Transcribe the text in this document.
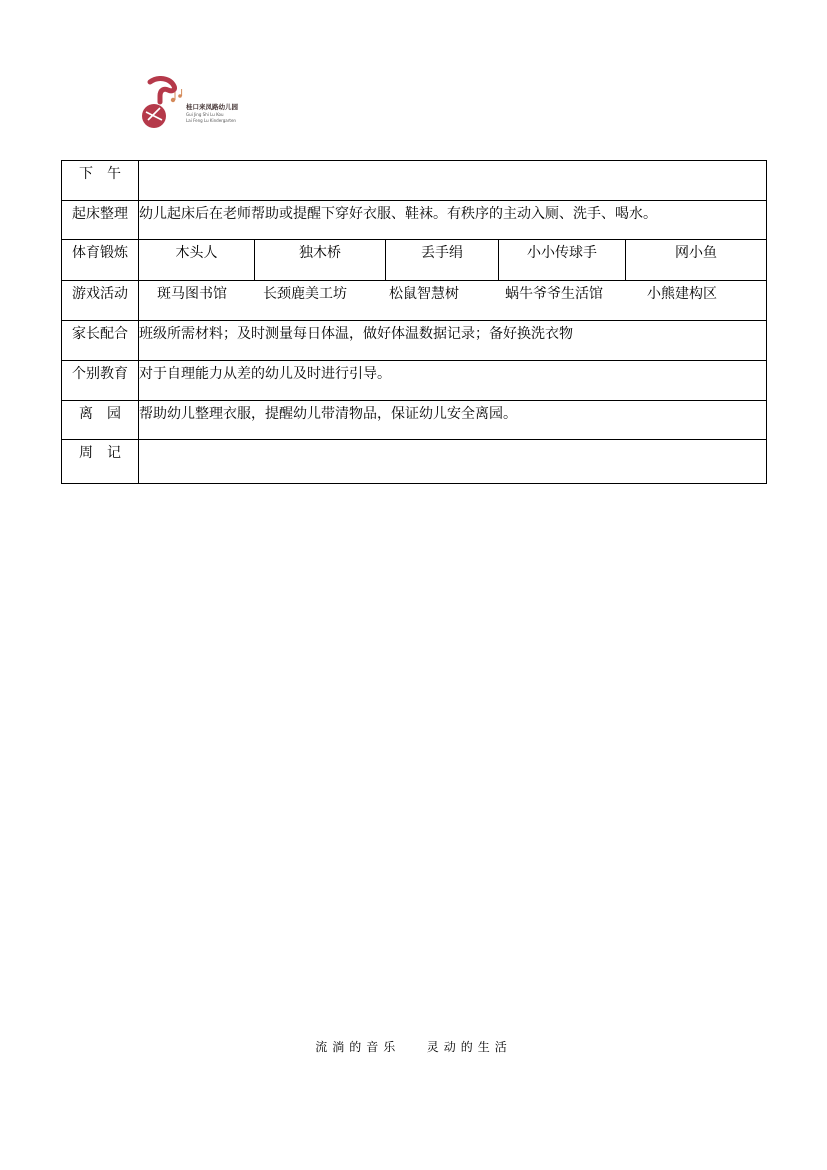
桂口来凤路幼儿园
Gui Jing Shi Lu Kou
Lai Feng Lu Kindergarten
下　午
起床整理 幼儿起床后在老师帮助或提醒下穿好衣服、鞋袜。有秩序的主动入厕、洗手、喝水。
体育锻炼	木头人	独木桥	丢手绢	小小传球手	网小鱼
游戏活动	斑马图书馆	长颈鹿美工坊	松鼠智慧树	蜗牛爷爷生活馆	小熊建构区
家长配合 班级所需材料；及时测量每日体温，做好体温数据记录；备好换洗衣物
个别教育 对于自理能力从差的幼儿及时进行引导。
离　园	帮助幼儿整理衣服，提醒幼儿带清物品，保证幼儿安全离园。
周　记
流淌的音乐   灵动的生活
